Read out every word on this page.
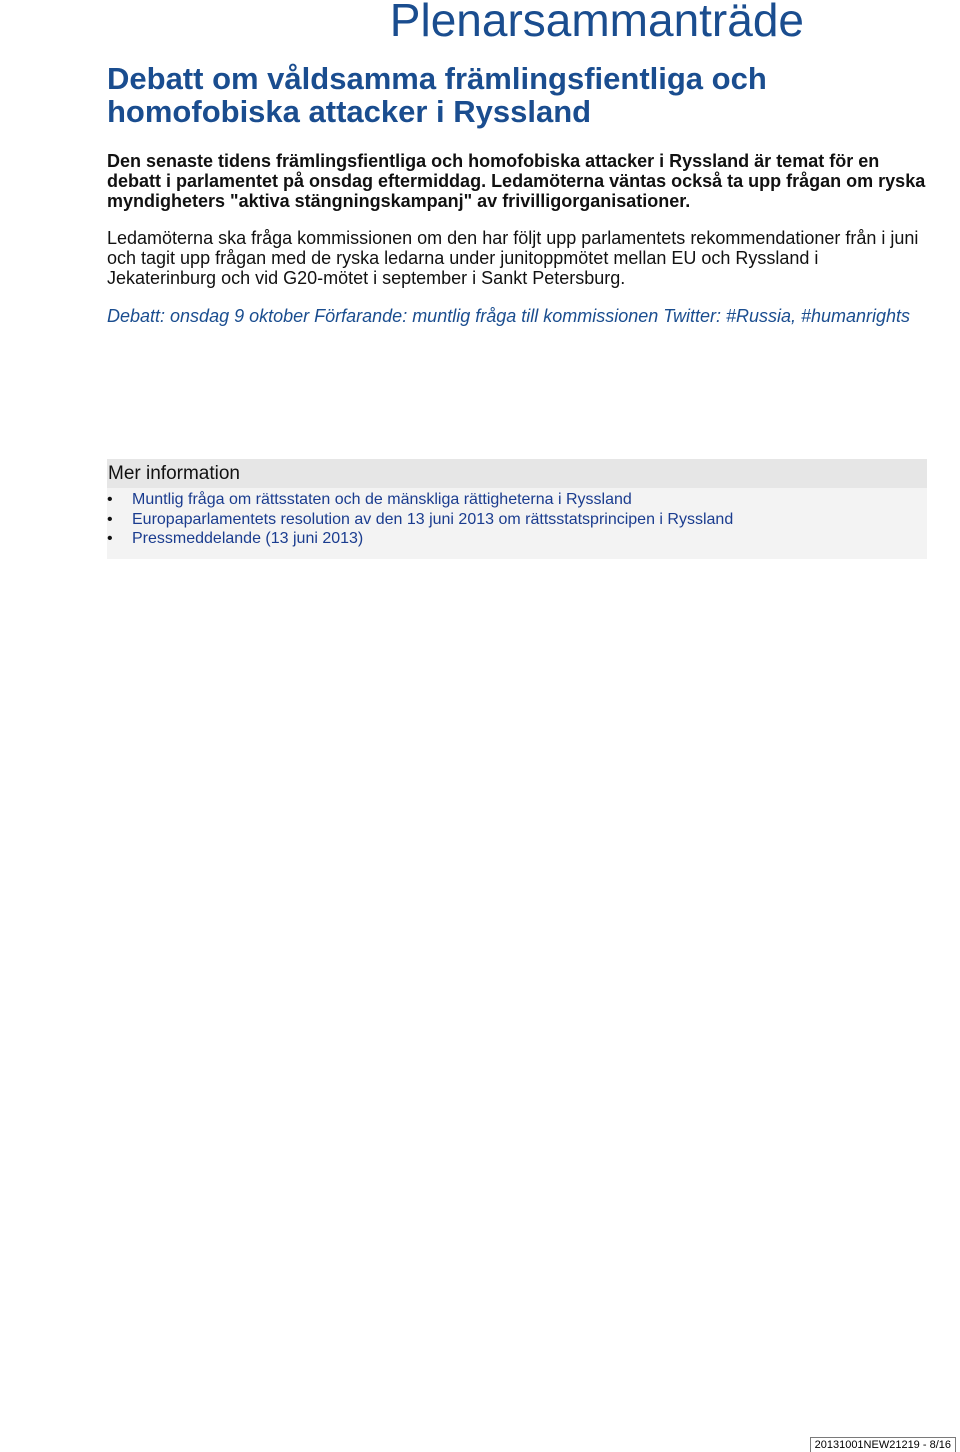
Plenarsammanträde
Debatt om våldsamma främlingsfientliga och homofobiska attacker i Ryssland

Den senaste tidens främlingsfientliga och homofobiska attacker i Ryssland är temat för en debatt i parlamentet på onsdag eftermiddag. Ledamöterna väntas också ta upp frågan om ryska myndigheters "aktiva stängningskampanj" av frivilligorganisationer.

Ledamöterna ska fråga kommissionen om den har följt upp parlamentets rekommendationer från i juni och tagit upp frågan med de ryska ledarna under junitoppmötet mellan EU och Ryssland i Jekaterinburg och vid G20-mötet i september i Sankt Petersburg.

Debatt: onsdag 9 oktober Förfarande: muntlig fråga till kommissionen Twitter: #Russia, #humanrights

Mer information
• Muntlig fråga om rättsstaten och de mänskliga rättigheterna i Ryssland
• Europaparlamentets resolution av den 13 juni 2013 om rättsstatsprincipen i Ryssland
• Pressmeddelande (13 juni 2013)
20131001NEW21219 - 8/16
